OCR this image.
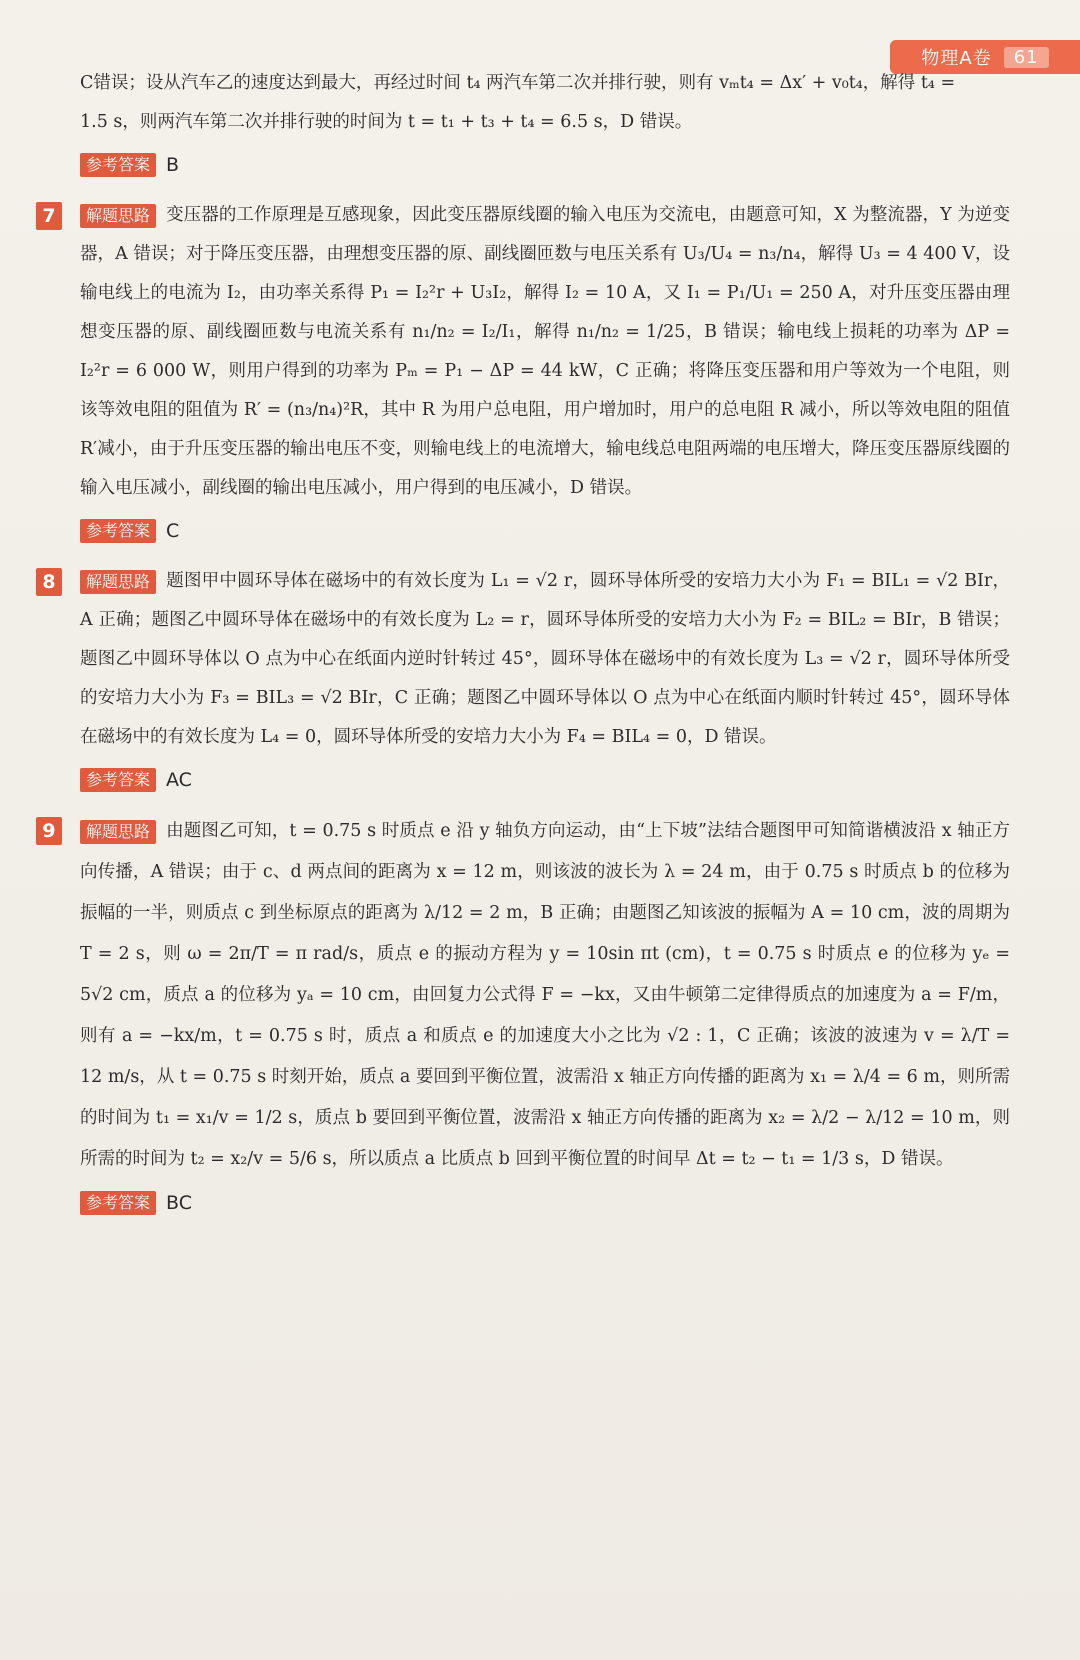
物理A卷	61

C错误；设从汽车乙的速度达到最大，再经过时间 t₄ 两汽车第二次并排行驶，则有 vₘt₄ = Δx′ + v₀t₄，解得 t₄ =

1.5 s，则两汽车第二次并排行驶的时间为 t = t₁ + t₃ + t₄ = 6.5 s，D 错误。

参考答案 B
7	解题思路 变压器的工作原理是互感现象，因此变压器原线圈的输入电压为交流电，由题意可知，X 为整流器，Y 为逆变器，A 错误；对于降压变压器，由理想变压器的原、副线圈匝数与电压关系有 U₃/U₄ = n₃/n₄，解得 U₃ = 4 400 V，设输电线上的电流为 I₂，由功率关系得 P₁ = I₂²r + U₃I₂，解得 I₂ = 10 A，又 I₁ = P₁/U₁ = 250 A，对升压变压器由理想变压器的原、副线圈匝数与电流关系有 n₁/n₂ = I₂/I₁，解得 n₁/n₂ = 1/25，B 错误；输电线上损耗的功率为 ΔP = I₂²r = 6 000 W，则用户得到的功率为 Pₘ = P₁ − ΔP = 44 kW，C 正确；将降压变压器和用户等效为一个电阻，则该等效电阻的阻值为 R′ = (n₃/n₄)²R，其中 R 为用户总电阻，用户增加时，用户的总电阻 R 减小，所以等效电阻的阻值 R′减小，由于升压变压器的输出电压不变，则输电线上的电流增大，输电线总电阻两端的电压增大，降压变压器原线圈的输入电压减小，副线圈的输出电压减小，用户得到的电压减小，D 错误。

参考答案 C
8	解题思路 题图甲中圆环导体在磁场中的有效长度为 L₁ = √2 r，圆环导体所受的安培力大小为 F₁ = BIL₁ = √2 BIr，A 正确；题图乙中圆环导体在磁场中的有效长度为 L₂ = r，圆环导体所受的安培力大小为 F₂ = BIL₂ = BIr，B 错误；题图乙中圆环导体以 O 点为中心在纸面内逆时针转过 45°，圆环导体在磁场中的有效长度为 L₃ = √2 r，圆环导体所受的安培力大小为 F₃ = BIL₃ = √2 BIr，C 正确；题图乙中圆环导体以 O 点为中心在纸面内顺时针转过 45°，圆环导体在磁场中的有效长度为 L₄ = 0，圆环导体所受的安培力大小为 F₄ = BIL₄ = 0，D 错误。

参考答案 AC
9	解题思路 由题图乙可知，t = 0.75 s 时质点 e 沿 y 轴负方向运动，由“上下坡”法结合题图甲可知简谐横波沿 x 轴正方向传播，A 错误；由于 c、d 两点间的距离为 x = 12 m，则该波的波长为 λ = 24 m，由于 0.75 s 时质点 b 的位移为振幅的一半，则质点 c 到坐标原点的距离为 λ/12 = 2 m，B 正确；由题图乙知该波的振幅为 A = 10 cm，波的周期为 T = 2 s，则 ω = 2π/T = π rad/s，质点 e 的振动方程为 y = 10sin πt (cm)，t = 0.75 s 时质点 e 的位移为 yₑ = 5√2 cm，质点 a 的位移为 yₐ = 10 cm，由回复力公式得 F = −kx，又由牛顿第二定律得质点的加速度为 a = F/m，则有 a = −kx/m，t = 0.75 s 时，质点 a 和质点 e 的加速度大小之比为 √2 : 1，C 正确；该波的波速为 v = λ/T = 12 m/s，从 t = 0.75 s 时刻开始，质点 a 要回到平衡位置，波需沿 x 轴正方向传播的距离为 x₁ = λ/4 = 6 m，则所需的时间为 t₁ = x₁/v = 1/2 s，质点 b 要回到平衡位置，波需沿 x 轴正方向传播的距离为 x₂ = λ/2 − λ/12 = 10 m，则所需的时间为 t₂ = x₂/v = 5/6 s，所以质点 a 比质点 b 回到平衡位置的时间早 Δt = t₂ − t₁ = 1/3 s，D 错误。

参考答案 BC
